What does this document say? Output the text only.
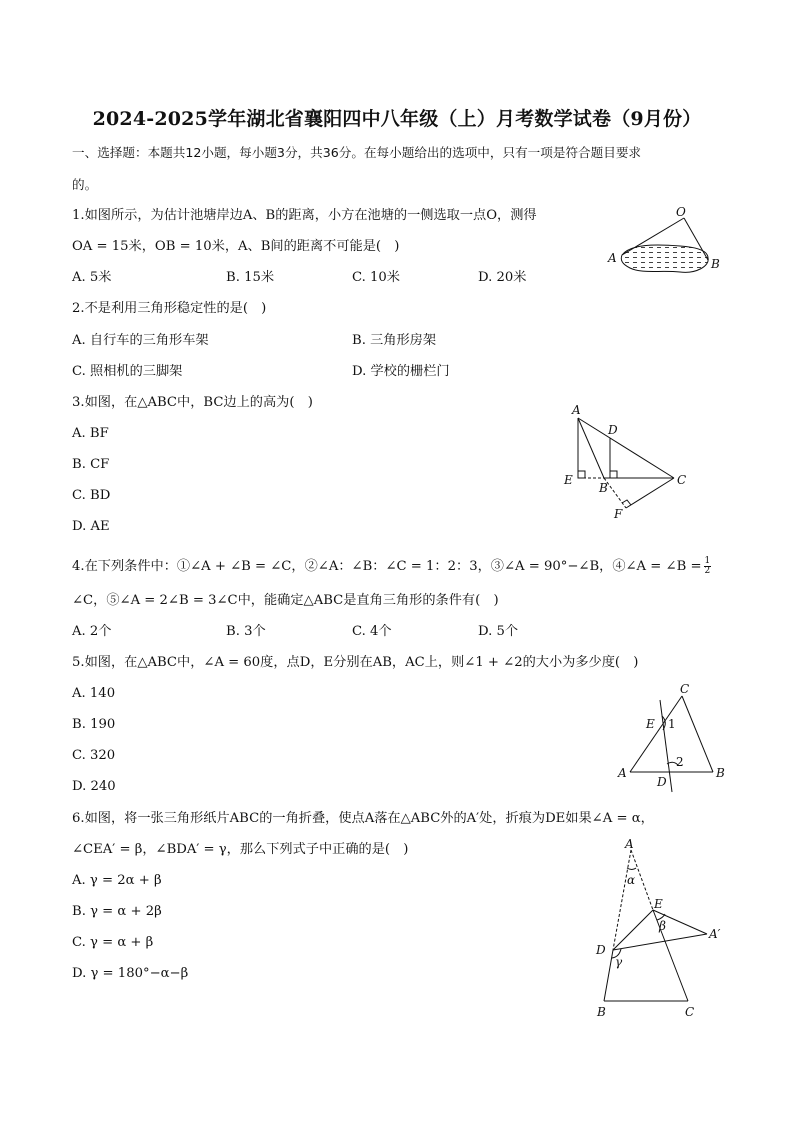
2024-2025学年湖北省襄阳四中八年级（上）月考数学试卷（9月份）
一、选择题：本题共12小题，每小题3分，共36分。在每小题给出的选项中，只有一项是符合题目要求
的。
1.如图所示，为估计池塘岸边A、B的距离，小方在池塘的一侧选取一点O，测得
OA = 15米，OB = 10米，A、B间的距离不可能是(　)
A. 5米	B. 15米	C. 10米	D. 20米
O
A	B
2.不是利用三角形稳定性的是(　)
A. 自行车的三角形车架	B. 三角形房架
C. 照相机的三脚架	D. 学校的栅栏门
3.如图，在△ABC中，BC边上的高为(　)
A. BF
B. CF
C. BD
D. AE
A
D
E
B
C
F
4.在下列条件中：①∠A + ∠B = ∠C，②∠A：∠B：∠C = 1：2：3，③∠A = 90°−∠B，④∠A = ∠B = $\frac{1}{2}$
∠C，⑤∠A = 2∠B = 3∠C中，能确定△ABC是直角三角形的条件有(　)
A. 2个	B. 3个	C. 4个	D. 5个
5.如图，在△ABC中，∠A = 60度，点D，E分别在AB，AC上，则∠1 + ∠2的大小为多少度(　)
A. 140
B. 190
C. 320
D. 240
C
E 1
2
A
D
B
6.如图，将一张三角形纸片ABC的一角折叠，使点A落在△ABC外的A′处，折痕为DE如果∠A = α，
∠CEA′ = β，∠BDA′ = γ，那么下列式子中正确的是(　)
A. γ = 2α + β
B. γ = α + 2β
C. γ = α + β
D. γ = 180°−α−β
A
α
E
β
A′
D
γ
B	C
